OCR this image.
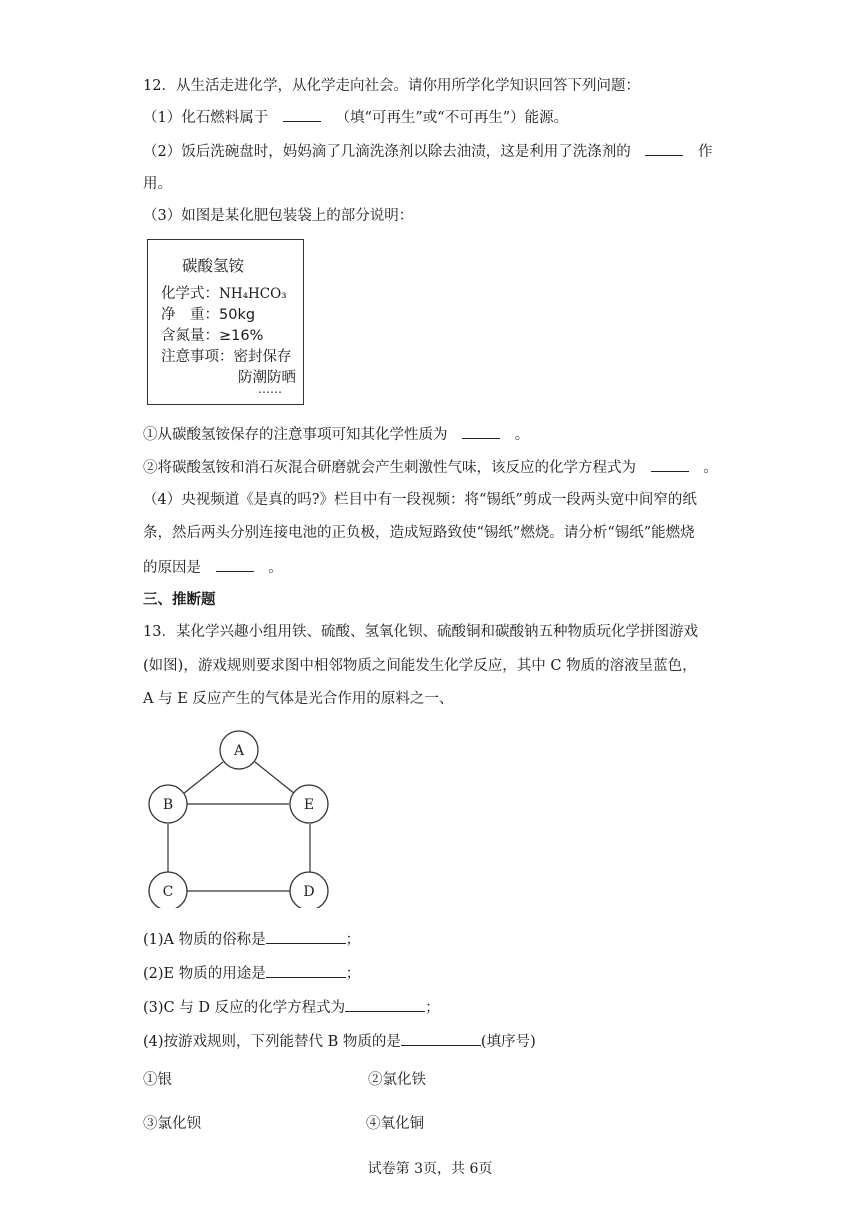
12．从生活走进化学，从化学走向社会。请你用所学化学知识回答下列问题：
（1）化石燃料属于	（填“可再生”或“不可再生”）能源。
（2）饭后洗碗盘时，妈妈滴了几滴洗涤剂以除去油渍，这是利用了洗涤剂的	作
用。
（3）如图是某化肥包装袋上的部分说明：
碳酸氢铵
化学式：NH₄HCO₃
净　重：50kg
含氮量：≥16%
注意事项：密封保存
防潮防晒
……
①从碳酸氢铵保存的注意事项可知其化学性质为	。
②将碳酸氢铵和消石灰混合研磨就会产生刺激性气味，该反应的化学方程式为	。
（4）央视频道《是真的吗?》栏目中有一段视频：将“锡纸”剪成一段两头宽中间窄的纸
条，然后两头分别连接电池的正负极，造成短路致使“锡纸”燃烧。请分析“锡纸”能燃烧
的原因是	。
三、推断题
13．某化学兴趣小组用铁、硫酸、氢氧化钡、硫酸铜和碳酸钠五种物质玩化学拼图游戏
(如图)，游戏规则要求图中相邻物质之间能发生化学反应，其中 C 物质的溶液呈蓝色，
A 与 E 反应产生的气体是光合作用的原料之一、
A
B	E
C	D
(1)A 物质的俗称是	；
(2)E 物质的用途是	；
(3)C 与 D 反应的化学方程式为	；
(4)按游戏规则，下列能替代 B 物质的是	(填序号)
①银	②氯化铁
③氯化钡	④氧化铜
试卷第 3页，共 6页
